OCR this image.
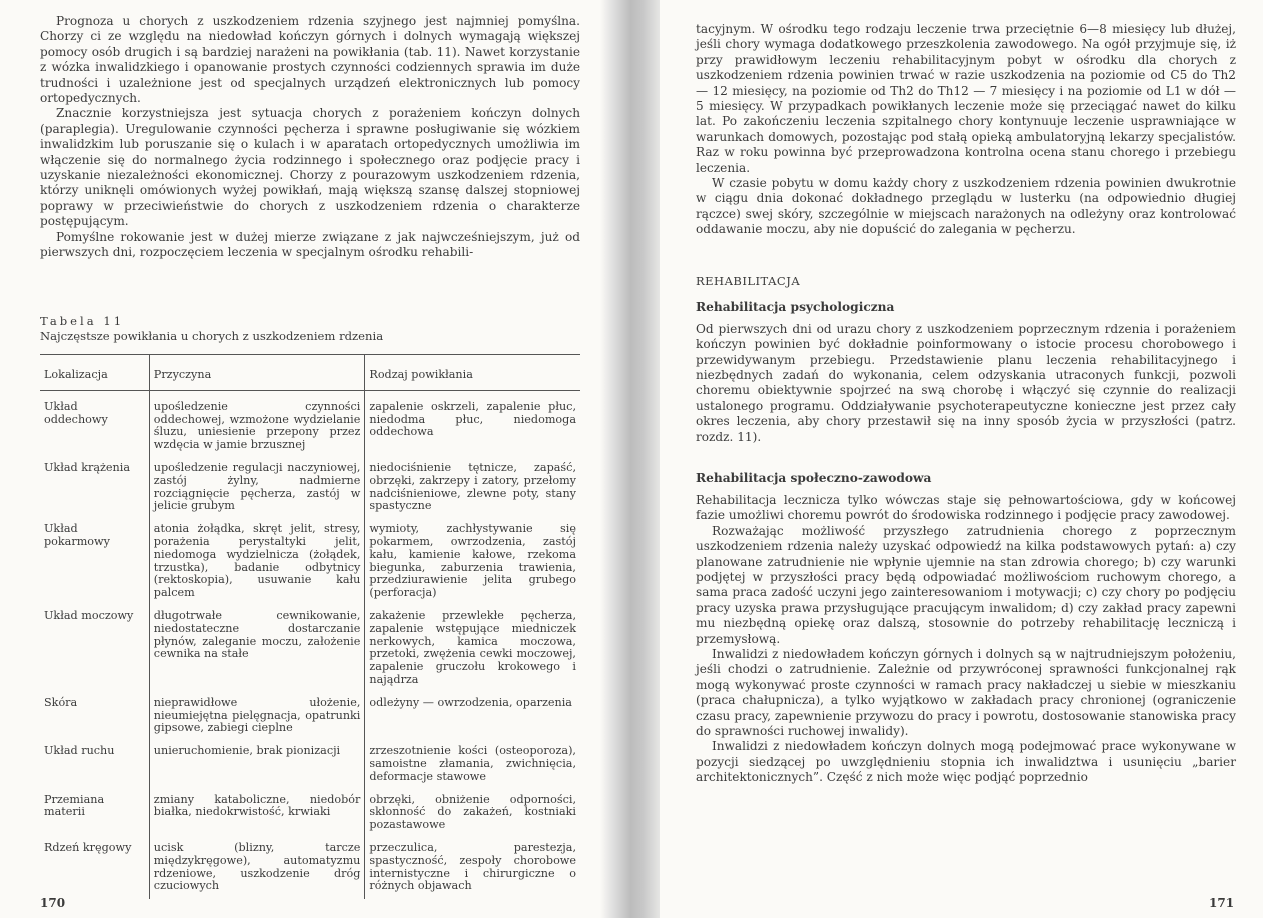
Prognoza u chorych z uszkodzeniem rdzenia szyjnego jest najmniej pomyślna. Chorzy ci ze względu na niedowład kończyn górnych i dolnych wymagają większej pomocy osób drugich i są bardziej narażeni na powikłania (tab. 11). Nawet korzystanie z wózka inwalidzkiego i opanowanie prostych czynności codziennych sprawia im duże trudności i uzależnione jest od specjalnych urządzeń elektronicznych lub pomocy ortopedycznych.

Znacznie korzystniejsza jest sytuacja chorych z porażeniem kończyn dolnych (paraplegia). Uregulowanie czynności pęcherza i sprawne posługiwanie się wózkiem inwalidzkim lub poruszanie się o kulach i w aparatach ortopedycznych umożliwia im włączenie się do normalnego życia rodzinnego i społecznego oraz podjęcie pracy i uzyskanie niezależności ekonomicznej. Chorzy z pourazowym uszkodzeniem rdzenia, którzy uniknęli omówionych wyżej powikłań, mają większą szansę dalszej stopniowej poprawy w przeciwieństwie do chorych z uszkodzeniem rdzenia o charakterze postępującym.

Pomyślne rokowanie jest w dużej mierze związane z jak najwcześniejszym, już od pierwszych dni, rozpoczęciem leczenia w specjalnym ośrodku rehabili-

Tabela 11
Najczęstsze powikłania u chorych z uszkodzeniem rdzenia
Lokalizacja	Przyczyna	Rodzaj powikłania
Układ oddechowy	upośledzenie czynności oddechowej, wzmożone wydzielanie śluzu, uniesienie przepony przez wzdęcia w jamie brzusznej	zapalenie oskrzeli, zapalenie płuc, niedodma płuc, niedomoga oddechowa
Układ krążenia	upośledzenie regulacji naczyniowej, zastój żylny, nadmierne rozciągnięcie pęcherza, zastój w jelicie grubym	niedociśnienie tętnicze, zapaść, obrzęki, zakrzepy i zatory, przełomy nadciśnieniowe, zlewne poty, stany spastyczne
Układ pokarmowy	atonia żołądka, skręt jelit, stresy, porażenia perystaltyki jelit, niedomoga wydzielnicza (żołądek, trzustka), badanie odbytnicy (rektoskopia), usuwanie kału palcem	wymioty, zachłystywanie się pokarmem, owrzodzenia, zastój kału, kamienie kałowe, rzekoma biegunka, zaburzenia trawienia, przedziurawienie jelita grubego (perforacja)
Układ moczowy	długotrwałe cewnikowanie, niedostateczne dostarczanie płynów, zaleganie moczu, założenie cewnika na stałe	zakażenie przewlekłe pęcherza, zapalenie wstępujące miedniczek nerkowych, kamica moczowa, przetoki, zwężenia cewki moczowej, zapalenie gruczołu krokowego i najądrza
Skóra	nieprawidłowe ułożenie, nieumiejętna pielęgnacja, opatrunki gipsowe, zabiegi cieplne	odleżyny — owrzodzenia, oparzenia
Układ ruchu	unieruchomienie, brak pionizacji	zrzeszotnienie kości (osteoporoza), samoistne złamania, zwichnięcia, deformacje stawowe
Przemiana materii	zmiany kataboliczne, niedobór białka, niedokrwistość, krwiaki	obrzęki, obniżenie odporności, skłonność do zakażeń, kostniaki pozastawowe
Rdzeń kręgowy	ucisk (blizny, tarcze międzykręgowe), automatyzmu rdzeniowe, uszkodzenie dróg czuciowych	przeczulica, parestezja, spastyczność, zespoły chorobowe internistyczne i chirurgiczne o różnych objawach
170

tacyjnym. W ośrodku tego rodzaju leczenie trwa przeciętnie 6—8 miesięcy lub dłużej, jeśli chory wymaga dodatkowego przeszkolenia zawodowego. Na ogół przyjmuje się, iż przy prawidłowym leczeniu rehabilitacyjnym pobyt w ośrodku dla chorych z uszkodzeniem rdzenia powinien trwać w razie uszkodzenia na poziomie od C5 do Th2 — 12 miesięcy, na poziomie od Th2 do Th12 — 7 miesięcy i na poziomie od L1 w dół — 5 miesięcy. W przypadkach powikłanych leczenie może się przeciągać nawet do kilku lat. Po zakończeniu leczenia szpitalnego chory kontynuuje leczenie usprawniające w warunkach domowych, pozostając pod stałą opieką ambulatoryjną lekarzy specjalistów. Raz w roku powinna być przeprowadzona kontrolna ocena stanu chorego i przebiegu leczenia.

W czasie pobytu w domu każdy chory z uszkodzeniem rdzenia powinien dwukrotnie w ciągu dnia dokonać dokładnego przeglądu w lusterku (na odpowiednio długiej rączce) swej skóry, szczególnie w miejscach narażonych na odleżyny oraz kontrolować oddawanie moczu, aby nie dopuścić do zalegania w pęcherzu.

REHABILITACJA
Rehabilitacja psychologiczna

Od pierwszych dni od urazu chory z uszkodzeniem poprzecznym rdzenia i porażeniem kończyn powinien być dokładnie poinformowany o istocie procesu chorobowego i przewidywanym przebiegu. Przedstawienie planu leczenia rehabilitacyjnego i niezbędnych zadań do wykonania, celem odzyskania utraconych funkcji, pozwoli choremu obiektywnie spojrzeć na swą chorobę i włączyć się czynnie do realizacji ustalonego programu. Oddziaływanie psychoterapeutyczne konieczne jest przez cały okres leczenia, aby chory przestawił się na inny sposób życia w przyszłości (patrz. rozdz. 11).

Rehabilitacja społeczno-zawodowa

Rehabilitacja lecznicza tylko wówczas staje się pełnowartościowa, gdy w końcowej fazie umożliwi choremu powrót do środowiska rodzinnego i podjęcie pracy zawodowej.

Rozważając możliwość przyszłego zatrudnienia chorego z poprzecznym uszkodzeniem rdzenia należy uzyskać odpowiedź na kilka podstawowych pytań: a) czy planowane zatrudnienie nie wpłynie ujemnie na stan zdrowia chorego; b) czy warunki podjętej w przyszłości pracy będą odpowiadać możliwościom ruchowym chorego, a sama praca zadość uczyni jego zainteresowaniom i motywacji; c) czy chory po podjęciu pracy uzyska prawa przysługujące pracującym inwalidom; d) czy zakład pracy zapewni mu niezbędną opiekę oraz dalszą, stosownie do potrzeby rehabilitację leczniczą i przemysłową.

Inwalidzi z niedowładem kończyn górnych i dolnych są w najtrudniejszym położeniu, jeśli chodzi o zatrudnienie. Zależnie od przywróconej sprawności funkcjonalnej rąk mogą wykonywać proste czynności w ramach pracy nakładczej u siebie w mieszkaniu (praca chałupnicza), a tylko wyjątkowo w zakładach pracy chronionej (ograniczenie czasu pracy, zapewnienie przywozu do pracy i powrotu, dostosowanie stanowiska pracy do sprawności ruchowej inwalidy).

Inwalidzi z niedowładem kończyn dolnych mogą podejmować prace wykonywane w pozycji siedzącej po uwzględnieniu stopnia ich inwalidztwa i usunięciu „barier architektonicznych”. Część z nich może więc podjąć poprzednio

171
